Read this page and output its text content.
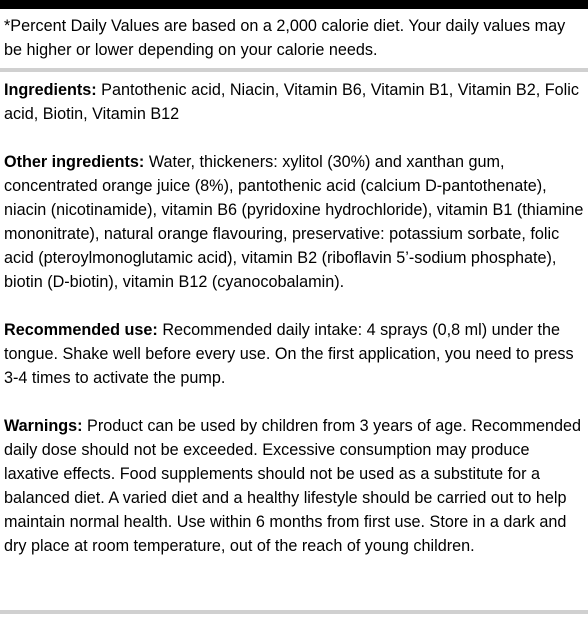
*Percent Daily Values are based on a 2,000 calorie diet. Your daily values may be higher or lower depending on your calorie needs.

Ingredients: Pantothenic acid, Niacin, Vitamin B6, Vitamin B1, Vitamin B2, Folic acid, Biotin, Vitamin B12

Other ingredients: Water, thickeners: xylitol (30%) and xanthan gum, concentrated orange juice (8%), pantothenic acid (calcium D-pantothenate), niacin (nicotinamide), vitamin B6 (pyridoxine hydrochloride), vitamin B1 (thiamine mononitrate), natural orange flavouring, preservative: potassium sorbate, folic acid (pteroylmonoglutamic acid), vitamin B2 (riboflavin 5’-sodium phosphate), biotin (D-biotin), vitamin B12 (cyanocobalamin).

Recommended use: Recommended daily intake: 4 sprays (0,8 ml) under the tongue. Shake well before every use. On the first application, you need to press 3-4 times to activate the pump.

Warnings: Product can be used by children from 3 years of age. Recommended daily dose should not be exceeded. Excessive consumption may produce laxative effects. Food supplements should not be used as a substitute for a balanced diet. A varied diet and a healthy lifestyle should be carried out to help maintain normal health. Use within 6 months from first use. Store in a dark and dry place at room temperature, out of the reach of young children.
